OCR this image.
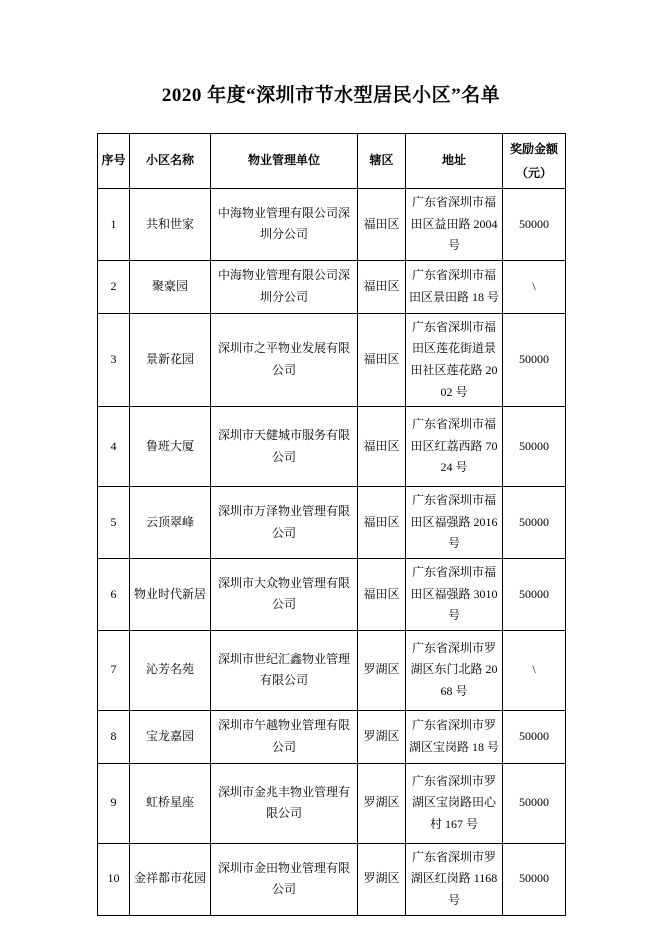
2020 年度“深圳市节水型居民小区”名单
序号	小区名称	物业管理单位	辖区	地址	奖励金额
（元）

1	共和世家	中海物业管理有限公司深圳分公司	福田区	广东省深圳市福田区益田路 2004 号	50000
2	聚豪园	中海物业管理有限公司深圳分公司	福田区	广东省深圳市福田区景田路 18 号	\
3	景新花园	深圳市之平物业发展有限公司	福田区	广东省深圳市福田区莲花街道景田社区莲花路 2002 号	50000
4	鲁班大厦	深圳市天健城市服务有限公司	福田区	广东省深圳市福田区红荔西路 7024 号	50000
5	云顶翠峰	深圳市万泽物业管理有限公司	福田区	广东省深圳市福田区福强路 2016 号	50000
6	物业时代新居	深圳市大众物业管理有限公司	福田区	广东省深圳市福田区福强路 3010 号	50000
7	沁芳名苑	深圳市世纪汇鑫物业管理有限公司	罗湖区	广东省深圳市罗湖区东门北路 2068 号	\
8	宝龙嘉园	深圳市午越物业管理有限公司	罗湖区	广东省深圳市罗湖区宝岗路 18 号	50000
9	虹桥星座	深圳市金兆丰物业管理有限公司	罗湖区	广东省深圳市罗湖区宝岗路田心村 167 号	50000
10	金祥都市花园	深圳市金田物业管理有限公司	罗湖区	广东省深圳市罗湖区红岗路 1168 号	50000
